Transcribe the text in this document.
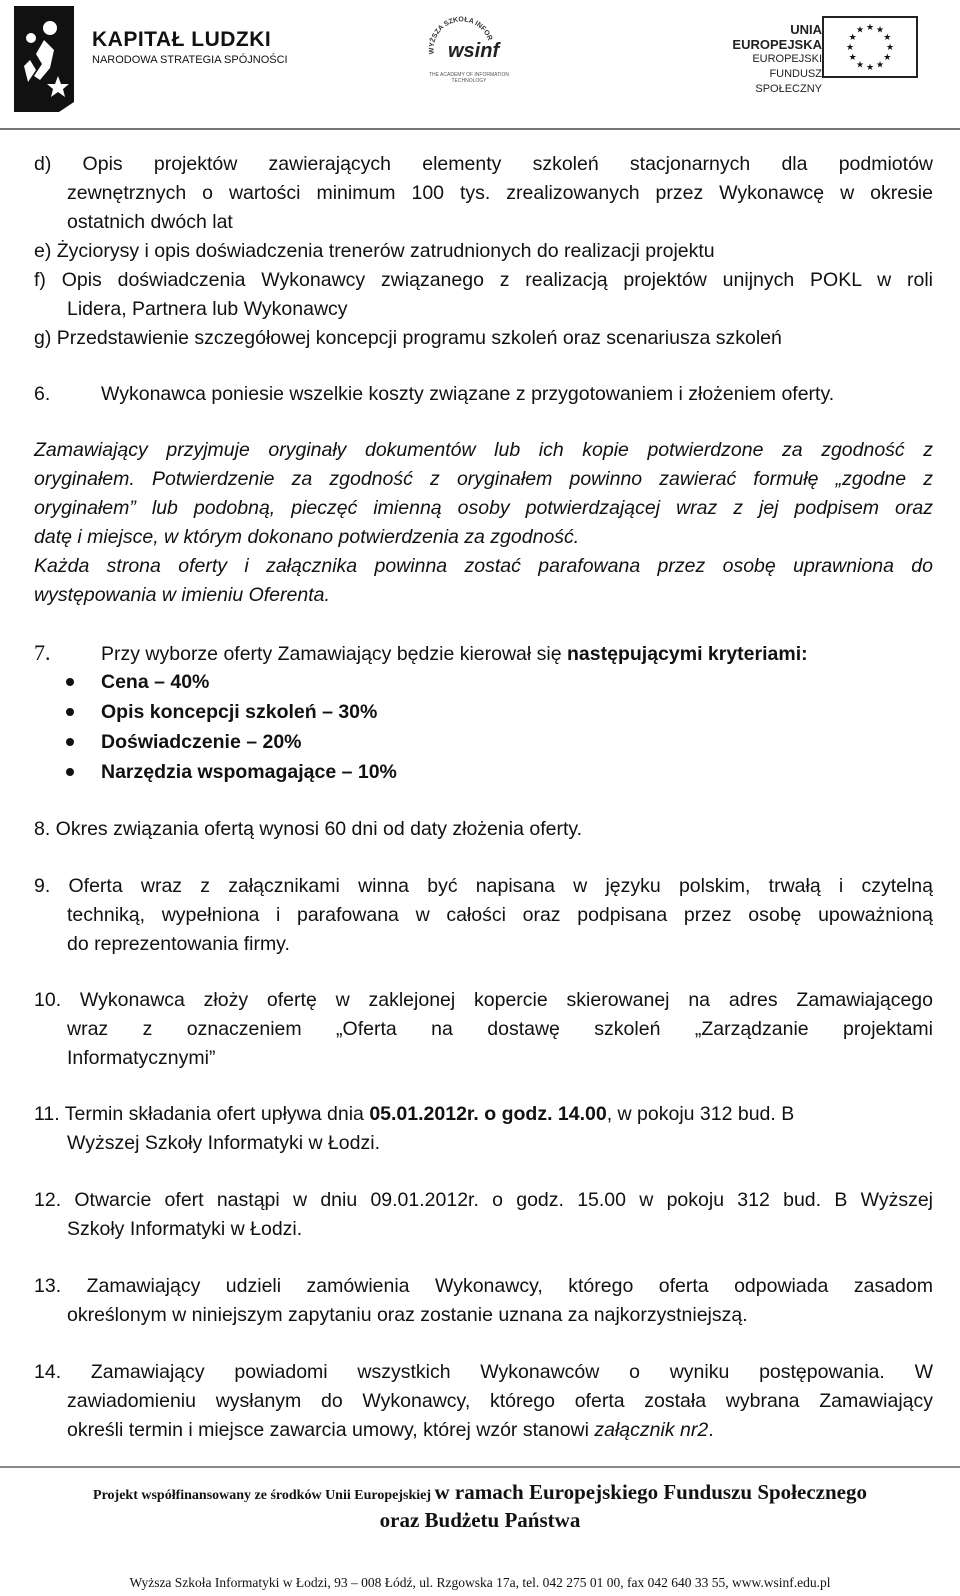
KAPITAŁ LUDZKI
NARODOWA STRATEGIA SPÓJNOŚCI
WYŻSZA SZKOŁA INFOR
wsinf
THE ACADEMY OF INFORMATION TECHNOLOGY
UNIA EUROPEJSKA
EUROPEJSKI
FUNDUSZ SPOŁECZNY
★
★
★
★
★
★
★
★
★ ★ ★
★
d) Opis projektów zawierających elementy szkoleń stacjonarnych dla podmiotów
zewnętrznych o wartości minimum 100 tys. zrealizowanych przez Wykonawcę w okresie
ostatnich dwóch lat
e) Życiorysy i opis doświadczenia trenerów zatrudnionych do realizacji projektu
f) Opis doświadczenia Wykonawcy związanego z realizacją projektów unijnych POKL w roli
Lidera, Partnera lub Wykonawcy
g) Przedstawienie szczegółowej koncepcji programu szkoleń oraz scenariusza szkoleń
6.	Wykonawca poniesie wszelkie koszty związane z przygotowaniem i złożeniem oferty.
Zamawiający przyjmuje oryginały dokumentów lub ich kopie potwierdzone za zgodność z
oryginałem. Potwierdzenie za zgodność z oryginałem powinno zawierać formułę „zgodne z
oryginałem” lub podobną, pieczęć imienną osoby potwierdzającej wraz z jej podpisem oraz
datę i miejsce, w którym dokonano potwierdzenia za zgodność.
Każda strona oferty i załącznika powinna zostać parafowana przez osobę uprawniona do
występowania w imieniu Oferenta.
7.	Przy wyborze oferty Zamawiający będzie kierował się następującymi kryteriami:
Cena – 40%
Opis koncepcji szkoleń – 30%
Doświadczenie – 20%
Narzędzia wspomagające – 10%
8. Okres związania ofertą wynosi 60 dni od daty złożenia oferty.
9. Oferta wraz z załącznikami winna być napisana w języku polskim, trwałą i czytelną
techniką, wypełniona i parafowana w całości oraz podpisana przez osobę upoważnioną
do reprezentowania firmy.
10. Wykonawca złoży ofertę w zaklejonej kopercie skierowanej na adres Zamawiającego
wraz z oznaczeniem „Oferta na dostawę szkoleń „Zarządzanie projektami
Informatycznymi”
11. Termin składania ofert upływa dnia 05.01.2012r. o godz. 14.00, w pokoju 312 bud. B
Wyższej Szkoły Informatyki w Łodzi.
12. Otwarcie ofert nastąpi w dniu 09.01.2012r. o godz. 15.00 w pokoju 312 bud. B Wyższej
Szkoły Informatyki w Łodzi.
13. Zamawiający udzieli zamówienia Wykonawcy, którego oferta odpowiada zasadom
określonym w niniejszym zapytaniu oraz zostanie uznana za najkorzystniejszą.
14. Zamawiający powiadomi wszystkich Wykonawców o wyniku postępowania. W
zawiadomieniu wysłanym do Wykonawcy, którego oferta została wybrana Zamawiający
określi termin i miejsce zawarcia umowy, której wzór stanowi załącznik nr2.
Projekt współfinansowany ze środków Unii Europejskiej w ramach Europejskiego Funduszu Społecznego
oraz Budżetu Państwa
Wyższa Szkoła Informatyki w Łodzi, 93 – 008 Łódź, ul. Rzgowska 17a, tel. 042 275 01 00, fax 042 640 33 55, www.wsinf.edu.pl
